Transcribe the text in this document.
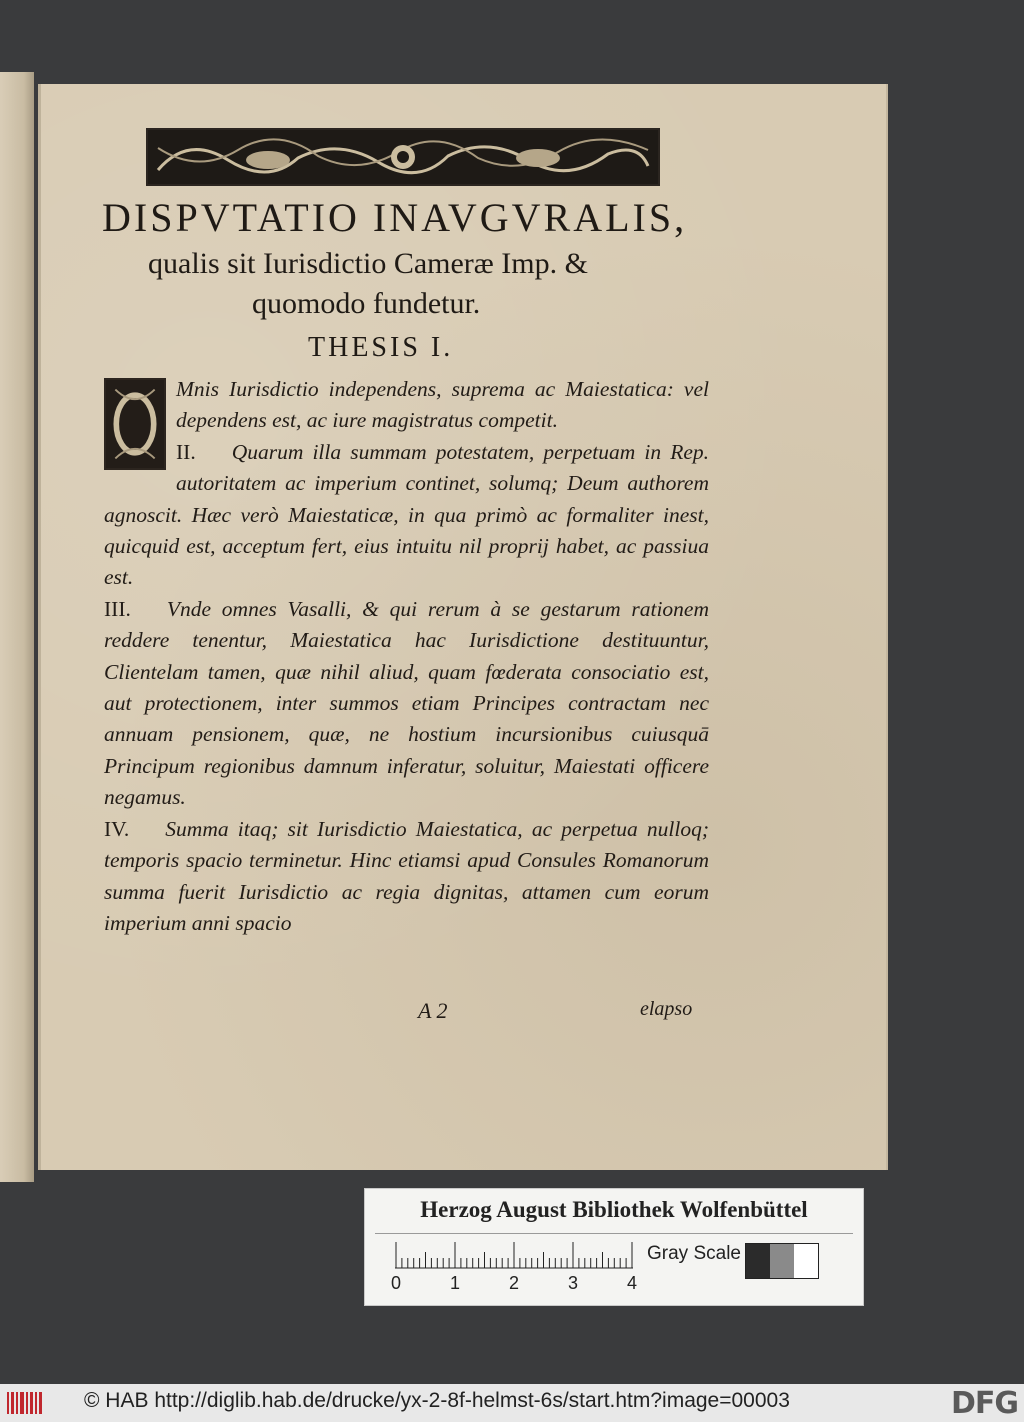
DISPVTATIO INAVGVRALIS,
qualis sit Iurisdictio Cameræ Imp. &
quomodo fundetur.
THESIS I.

Mnis Iurisdictio independens, suprema ac Maiestatica: vel dependens est, ac iure magistratus competit.

II. Quarum illa summam potestatem, perpetuam in Rep. autoritatem ac imperium continet, solumq; Deum authorem agnoscit. Hæc verò Maiestaticæ, in qua primò ac formaliter inest, quicquid est, acceptum fert, eius intuitu nil proprij habet, ac passiua est.

III. Vnde omnes Vasalli, & qui rerum à se gestarum rationem reddere tenentur, Maiestatica hac Iurisdictione destituuntur, Clientelam tamen, quæ nihil aliud, quam fœderata consociatio est, aut protectionem, inter summos etiam Principes contractam nec annuam pensionem, quæ, ne hostium incursionibus cuiusquā Principum regionibus damnum inferatur, soluitur, Maiestati officere negamus.

IV. Summa itaq; sit Iurisdictio Maiestatica, ac perpetua nulloq; temporis spacio terminetur. Hinc etiamsi apud Consules Romanorum summa fuerit Iurisdictio ac regia dignitas, attamen cum eorum imperium anni spacio

A 2	elapso
Herzog August Bibliothek Wolfenbüttel
0	1	2	3	4
Gray Scale
© HAB http://diglib.hab.de/drucke/yx-2-8f-helmst-6s/start.htm?image=00003	DFG
